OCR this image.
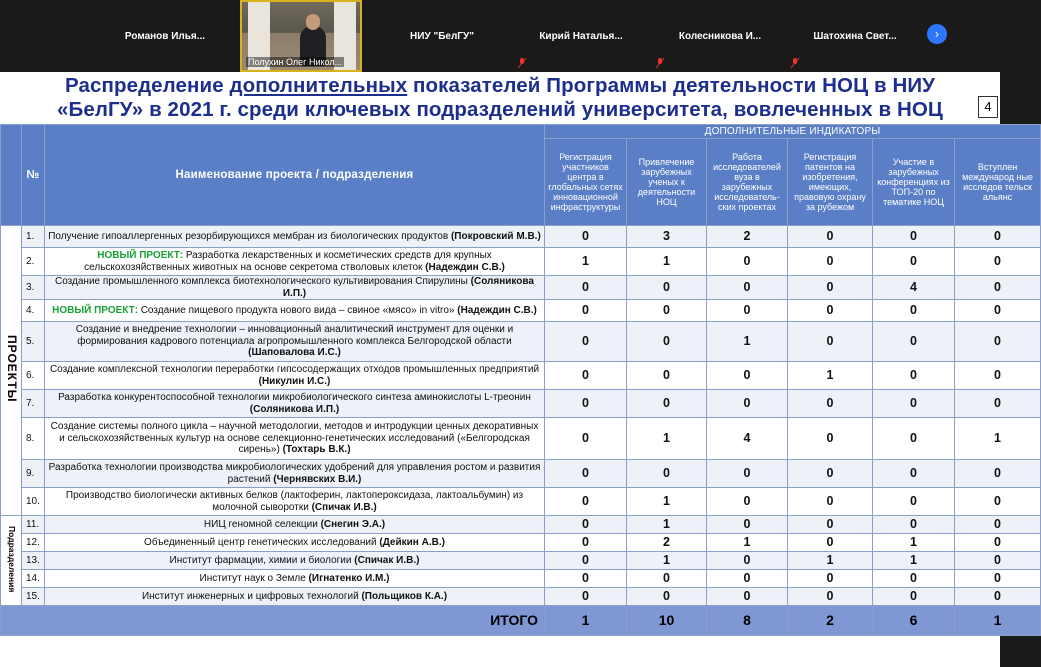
Романов Илья...
Полухин Олег Никол...
НИУ "БелГУ"	Кирий Наталья...	Колесникова И...	Шатохина Свет...	›
Распределение дополнительных показателей Программы деятельности НОЦ в НИУ
«БелГУ» в 2021 г. среди ключевых подразделений университета, вовлеченных в НОЦ	4
	№	Наименование проекта / подразделения	ДОПОЛНИТЕЛЬНЫЕ ИНДИКАТОРЫ					
			Регистрация участников центра в глобальных сетях инновационной инфраструктуры	Привлечение зарубежных ученых к деятельности НОЦ	Работа исследователей вуза в зарубежных исследователь-ских проектах	Регистрация патентов на изобретения, имеющих, правовую охрану за рубежом	Участие в зарубежных конференциях из ТОП-20 по тематике НОЦ	Вступлен международ ные исследов тельск альянс
ПРОЕКТЫ	1.	Получение гипоаллергенных резорбирующихся мембран из биологических продуктов (Покровский М.В.)	0	3	2	0	0	0
	2.	НОВЫЙ ПРОЕКТ: Разработка лекарственных и косметических средств для крупных сельскохозяйственных животных на основе секретома стволовых клеток (Надеждин С.В.)	1	1	0	0	0	0
	3.	Создание промышленного комплекса биотехнологического культивирования Спирулины (Соляникова И.П.)	0	0	0	0	4	0
	4.	НОВЫЙ ПРОЕКТ: Создание пищевого продукта нового вида – свиное «мясо» in vitro» (Надеждин С.В.)	0	0	0	0	0	0
	5.	Создание и внедрение технологии – инновационный аналитический инструмент для оценки и формирования кадрового потенциала агропромышленного комплекса Белгородской области (Шаповалова И.С.)	0	0	1	0	0	0
	6.	Создание комплексной технологии переработки гипсосодержащих отходов промышленных предприятий (Никулин И.С.)	0	0	0	1	0	0
	7.	Разработка конкурентоспособной технологии микробиологического синтеза аминокислоты L-треонин (Соляникова И.П.)	0	0	0	0	0	0
	8.	Создание системы полного цикла – научной методологии, методов и интродукции ценных декоративных и сельскохозяйственных культур на основе селекционно-генетических исследований («Белгородская сирень») (Тохтарь В.К.)	0	1	4	0	0	1
	9.	Разработка технологии производства микробиологических удобрений для управления ростом и развития растений (Чернявских В.И.)	0	0	0	0	0	0
	10.	Производство биологически активных белков (лактоферин, лактопероксидаза, лактоальбумин) из молочной сыворотки (Спичак И.В.)	0	1	0	0	0	0
Подразделения	11.	НИЦ геномной селекции (Снегин Э.А.)	0	1	0	0	0	0
	12.	Объединенный центр генетических исследований (Дейкин А.В.)	0	2	1	0	1	0
	13.	Институт фармации, химии и биологии (Спичак И.В.)	0	1	0	1	1	0
	14.	Институт наук о Земле (Игнатенко И.М.)	0	0	0	0	0	0
	15.	Институт инженерных и цифровых технологий (Польщиков К.А.)	0	0	0	0	0	0
ИТОГО			1	10	8	2	6	1
